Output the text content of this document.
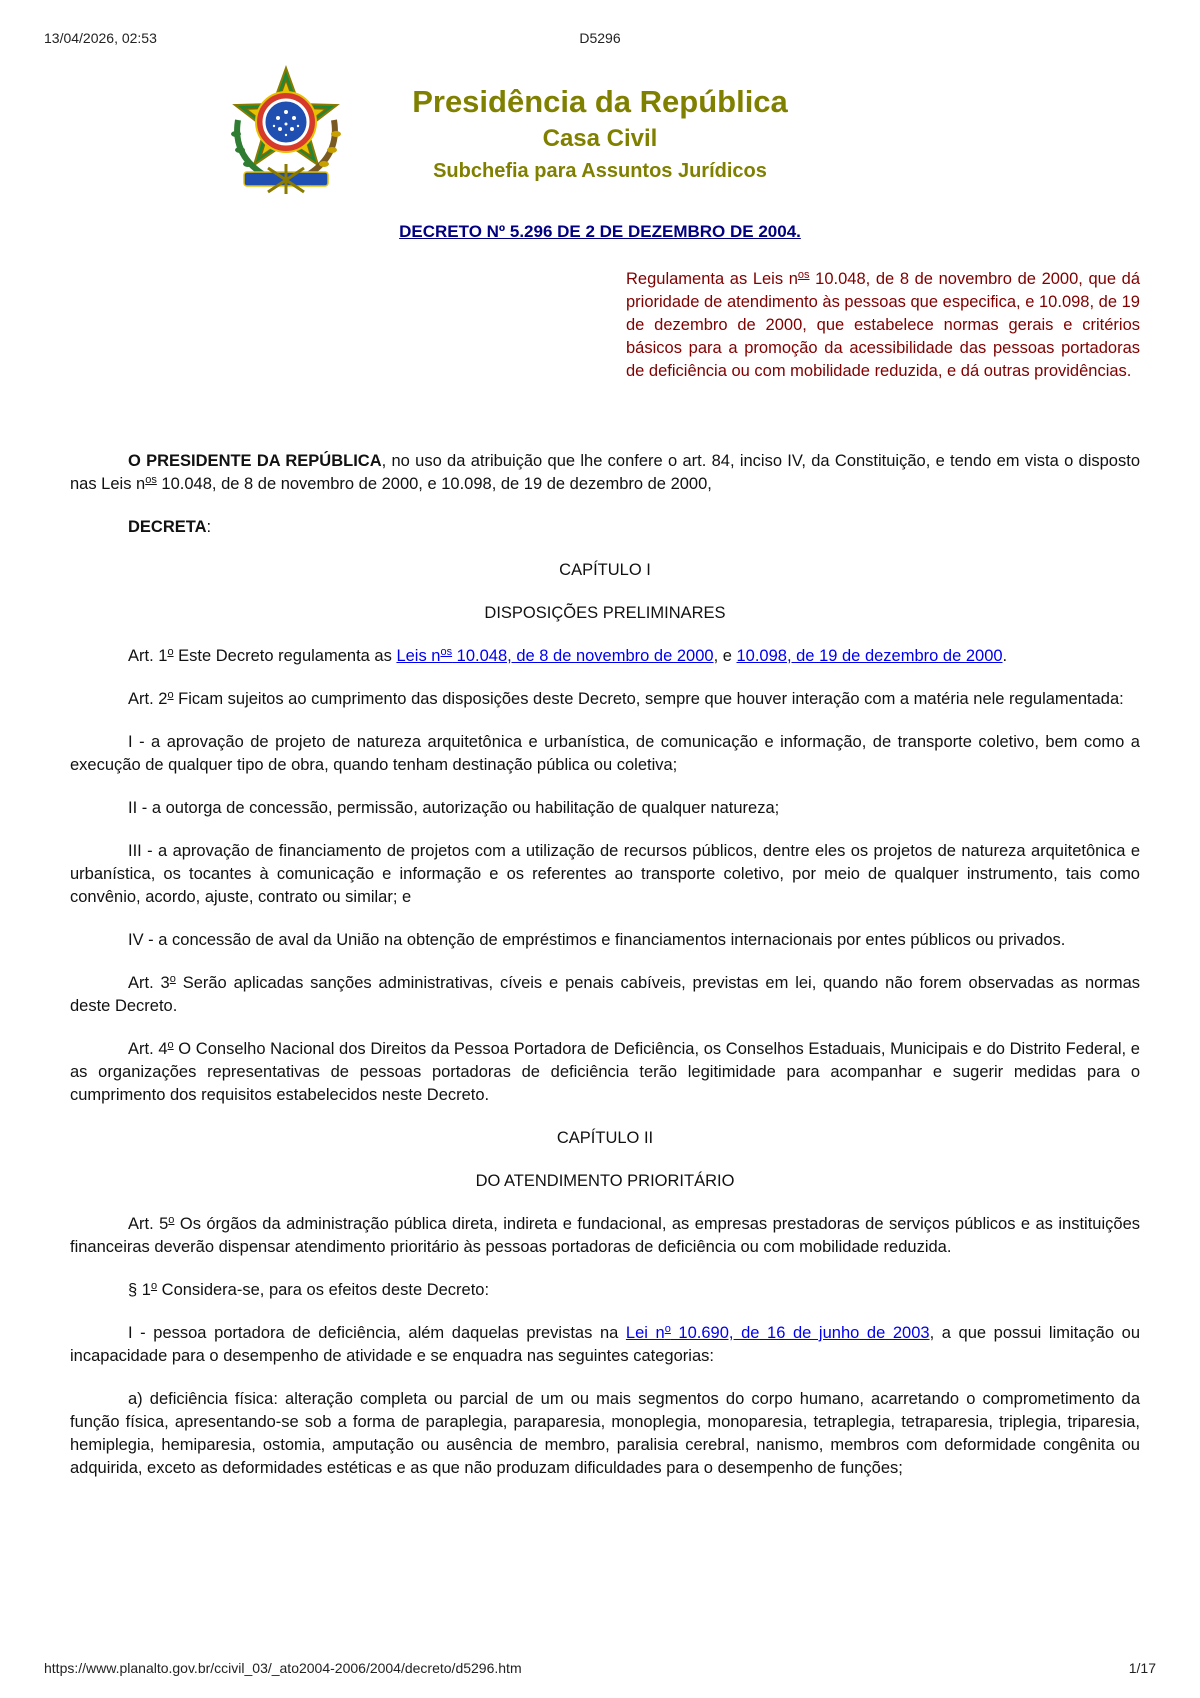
13/04/2026, 02:53	D5296
Presidência da República
Casa Civil
Subchefia para Assuntos Jurídicos
DECRETO Nº 5.296 DE 2 DE DEZEMBRO DE 2004.
Regulamenta as Leis $n^{os}$ 10.048, de 8 de novembro de 2000, que dá prioridade de atendimento às pessoas que especifica, e 10.098, de 19 de dezembro de 2000, que estabelece normas gerais e critérios básicos para a promoção da acessibilidade das pessoas portadoras de deficiência ou com mobilidade reduzida, e dá outras providências.

O PRESIDENTE DA REPÚBLICA, no uso da atribuição que lhe confere o art. 84, inciso IV, da Constituição, e tendo em vista o disposto nas Leis $n^{os}$ 10.048, de 8 de novembro de 2000, e 10.098, de 19 de dezembro de 2000,

DECRETA:

CAPÍTULO I

DISPOSIÇÕES PRELIMINARES

Art. 1$^o$ Este Decreto regulamenta as Leis n$^{os}$ 10.048, de 8 de novembro de 2000, e 10.098, de 19 de dezembro de 2000.

Art. 2$^o$ Ficam sujeitos ao cumprimento das disposições deste Decreto, sempre que houver interação com a matéria nele regulamentada:

I - a aprovação de projeto de natureza arquitetônica e urbanística, de comunicação e informação, de transporte coletivo, bem como a execução de qualquer tipo de obra, quando tenham destinação pública ou coletiva;

II - a outorga de concessão, permissão, autorização ou habilitação de qualquer natureza;

III - a aprovação de financiamento de projetos com a utilização de recursos públicos, dentre eles os projetos de natureza arquitetônica e urbanística, os tocantes à comunicação e informação e os referentes ao transporte coletivo, por meio de qualquer instrumento, tais como convênio, acordo, ajuste, contrato ou similar; e

IV - a concessão de aval da União na obtenção de empréstimos e financiamentos internacionais por entes públicos ou privados.

Art. 3$^o$ Serão aplicadas sanções administrativas, cíveis e penais cabíveis, previstas em lei, quando não forem observadas as normas deste Decreto.

Art. 4$^o$ O Conselho Nacional dos Direitos da Pessoa Portadora de Deficiência, os Conselhos Estaduais, Municipais e do Distrito Federal, e as organizações representativas de pessoas portadoras de deficiência terão legitimidade para acompanhar e sugerir medidas para o cumprimento dos requisitos estabelecidos neste Decreto.

CAPÍTULO II

DO ATENDIMENTO PRIORITÁRIO

Art. 5$^o$ Os órgãos da administração pública direta, indireta e fundacional, as empresas prestadoras de serviços públicos e as instituições financeiras deverão dispensar atendimento prioritário às pessoas portadoras de deficiência ou com mobilidade reduzida.

§ 1$^o$ Considera-se, para os efeitos deste Decreto:

I - pessoa portadora de deficiência, além daquelas previstas na Lei n$^o$ 10.690, de 16 de junho de 2003, a que possui limitação ou incapacidade para o desempenho de atividade e se enquadra nas seguintes categorias:

a) deficiência física: alteração completa ou parcial de um ou mais segmentos do corpo humano, acarretando o comprometimento da função física, apresentando-se sob a forma de paraplegia, paraparesia, monoplegia, monoparesia, tetraplegia, tetraparesia, triplegia, triparesia, hemiplegia, hemiparesia, ostomia, amputação ou ausência de membro, paralisia cerebral, nanismo, membros com deformidade congênita ou adquirida, exceto as deformidades estéticas e as que não produzam dificuldades para o desempenho de funções;

https://www.planalto.gov.br/ccivil_03/_ato2004-2006/2004/decreto/d5296.htm	1/17
